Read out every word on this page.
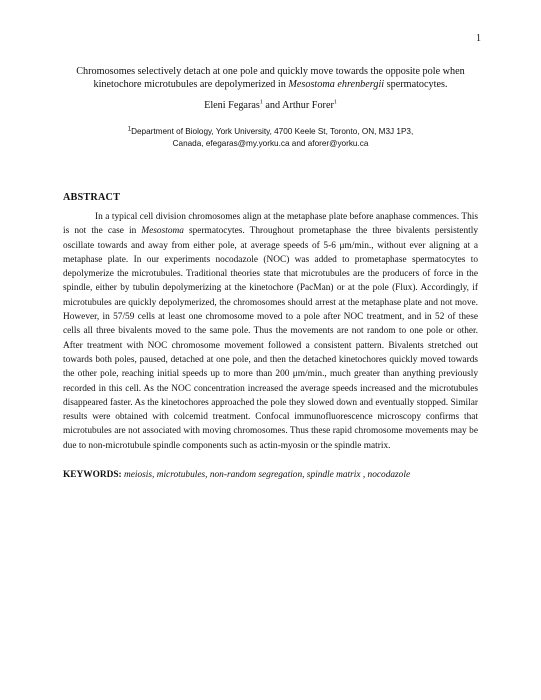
1
Chromosomes selectively detach at one pole and quickly move towards the opposite pole when
kinetochore microtubules are depolymerized in Mesostoma ehrenbergii spermatocytes.
Eleni Fegaras$^1$ and Arthur Forer$^1$
$^1$Department of Biology, York University, 4700 Keele St, Toronto, ON, M3J 1P3,
Canada, efegaras@my.yorku.ca and aforer@yorku.ca
ABSTRACT

In a typical cell division chromosomes align at the metaphase plate before anaphase commences. This is not the case in Mesostoma spermatocytes. Throughout prometaphase the three bivalents persistently oscillate towards and away from either pole, at average speeds of 5-6 μm/min., without ever aligning at a metaphase plate. In our experiments nocodazole (NOC) was added to prometaphase spermatocytes to depolymerize the microtubules. Traditional theories state that microtubules are the producers of force in the spindle, either by tubulin depolymerizing at the kinetochore (PacMan) or at the pole (Flux). Accordingly, if microtubules are quickly depolymerized, the chromosomes should arrest at the metaphase plate and not move. However, in 57/59 cells at least one chromosome moved to a pole after NOC treatment, and in 52 of these cells all three bivalents moved to the same pole. Thus the movements are not random to one pole or other. After treatment with NOC chromosome movement followed a consistent pattern. Bivalents stretched out towards both poles, paused, detached at one pole, and then the detached kinetochores quickly moved towards the other pole, reaching initial speeds up to more than 200 μm/min., much greater than anything previously recorded in this cell. As the NOC concentration increased the average speeds increased and the microtubules disappeared faster. As the kinetochores approached the pole they slowed down and eventually stopped. Similar results were obtained with colcemid treatment. Confocal immunofluorescence microscopy confirms that microtubules are not associated with moving chromosomes. Thus these rapid chromosome movements may be due to non-microtubule spindle components such as actin-myosin or the spindle matrix.

KEYWORDS: meiosis, microtubules, non-random segregation, spindle matrix , nocodazole
